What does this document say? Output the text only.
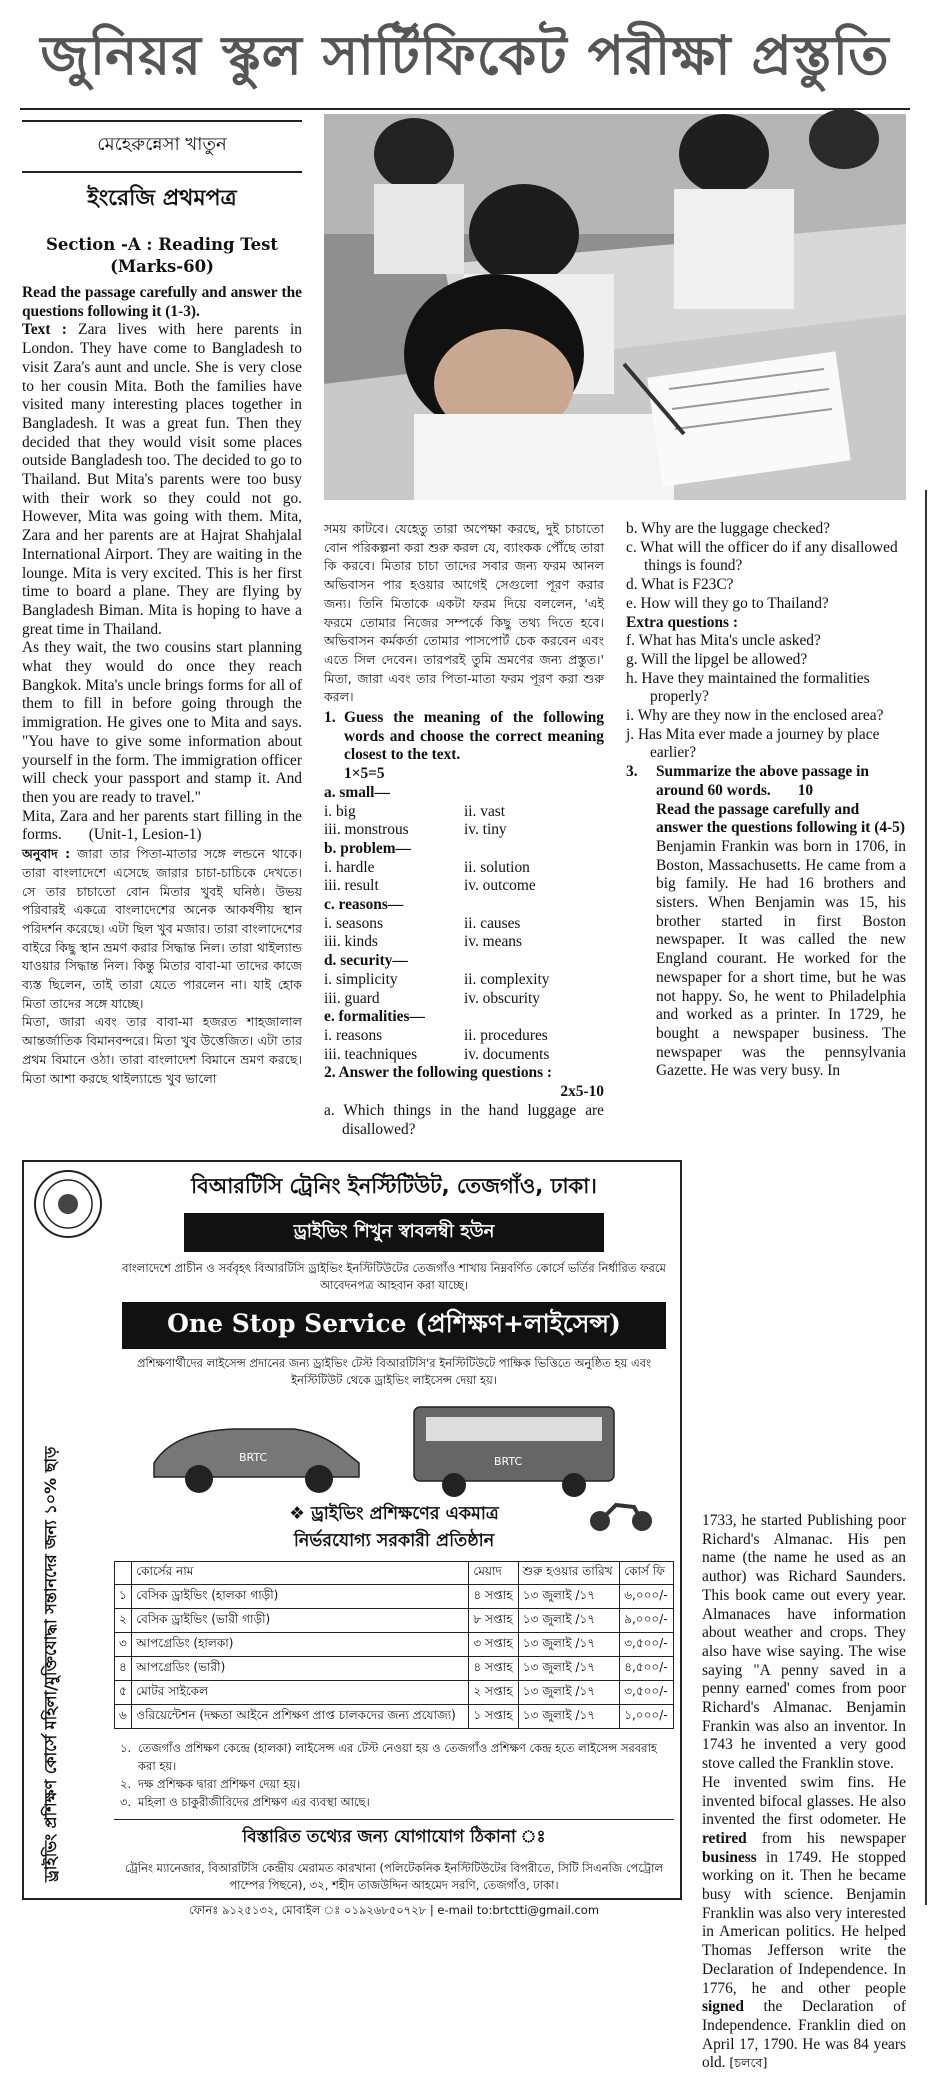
জুনিয়র স্কুল সার্টিফিকেট পরীক্ষা প্রস্তুতি
মেহেরুন্নেসা খাতুন
ইংরেজি প্রথমপত্র
Section -A : Reading Test
(Marks-60)

Read the passage carefully and answer the questions following it (1-3).

Text : Zara lives with here parents in London. They have come to Bangladesh to visit Zara's aunt and uncle. She is very close to her cousin Mita. Both the families have visited many interesting places together in Bangladesh. It was a great fun. Then they decided that they would visit some places outside Bangladesh too. The decided to go to Thailand. But Mita's parents were too busy with their work so they could not go. However, Mita was going with them. Mita, Zara and her parents are at Hajrat Shahjalal International Airport. They are waiting in the lounge. Mita is very excited. This is her first time to board a plane. They are flying by Bangladesh Biman. Mita is hoping to have a great time in Thailand.

As they wait, the two cousins start planning what they would do once they reach Bangkok. Mita's uncle brings forms for all of them to fill in before going through the immigration. He gives one to Mita and says. "You have to give some information about yourself in the form. The immigration officer will check your passport and stamp it. And then you are ready to travel."

Mita, Zara and her parents start filling in the forms. (Unit-1, Lesion-1)

অনুবাদ : জারা তার পিতা-মাতার সঙ্গে লন্ডনে থাকে। তারা বাংলাদেশে এসেছে জারার চাচা-চাচিকে দেখতে। সে তার চাচাতো বোন মিতার খুবই ঘনিষ্ঠ। উভয় পরিবারই একত্রে বাংলাদেশের অনেক আকর্ষণীয় স্থান পরিদর্শন করেছে। এটা ছিল খুব মজার। তারা বাংলাদেশের বাইরে কিছু স্থান ভ্রমণ করার সিদ্ধান্ত নিল। তারা থাইল্যান্ড যাওয়ার সিদ্ধান্ত নিল। কিন্তু মিতার বাবা-মা তাদের কাজে ব্যস্ত ছিলেন, তাই তারা যেতে পারলেন না। যাই হোক মিতা তাদের সঙ্গে যাচ্ছে।

মিতা, জারা এবং তার বাবা-মা হজরত শাহজালাল আন্তর্জাতিক বিমানবন্দরে। মিতা খুব উত্তেজিত। এটা তার প্রথম বিমানে ওঠা। তারা বাংলাদেশ বিমানে ভ্রমণ করছে। মিতা আশা করছে থাইল্যান্ডে খুব ভালো

সময় কাটবে। যেহেতু তারা অপেক্ষা করছে, দুই চাচাতো বোন পরিকল্পনা করা শুরু করল যে, ব্যাংকক পৌঁছে তারা কি করবে। মিতার চাচা তাদের সবার জন্য ফরম আনল অভিবাসন পার হওয়ার আগেই সেগুলো পূরণ করার জন্য। তিনি মিতাকে একটা ফরম দিয়ে বললেন, 'এই ফরমে তোমার নিজের সম্পর্কে কিছু তথ্য দিতে হবে। অভিবাসন কর্মকর্তা তোমার পাসপোর্ট চেক করবেন এবং এতে সিল দেবেন। তারপরই তুমি ভ্রমণের জন্য প্রস্তুত।' মিতা, জারা এবং তার পিতা-মাতা ফরম পূরণ করা শুরু করল।

1. Guess the meaning of the following words and choose the correct meaning closest to the text.
1×5=5
a. small—
i. big	ii. vast
iii. monstrous	iv. tiny
b. problem—
i. hardle	ii. solution
iii. result	iv. outcome
c. reasons—
i. seasons	ii. causes
iii. kinds	iv. means
d. security—
i. simplicity	ii. complexity
iii. guard	iv. obscurity
e. formalities—
i. reasons	ii. procedures
iii. teachniques	iv. documents
2. Answer the following questions :
2x5-10
a. Which things in the hand luggage are disallowed?
b. Why are the luggage checked?
c. What will the officer do if any disallowed things is found?
d. What is F23C?
e. How will they go to Thailand?
Extra questions :
f. What has Mita's uncle asked?
g. Will the lipgel be allowed?
h. Have they maintained the formalities properly?
i. Why are they now in the enclosed area?
j. Has Mita ever made a journey by place earlier?
3.	Summarize the above passage in around 60 words. 10
Read the passage carefully and answer the questions following it (4-5)

Benjamin Frankin was born in 1706, in Boston, Massachusetts. He came from a big family. He had 16 brothers and sisters. When Benjamin was 15, his brother started in first Boston newspaper. It was called the new England courant. He worked for the newspaper for a short time, but he was not happy. So, he went to Philadelphia and worked as a printer. In 1729, he bought a newspaper business. The newspaper was the pennsylvania Gazette. He was very busy. In

1733, he started Publishing poor Richard's Almanac. His pen name (the name he used as an author) was Richard Saunders. This book came out every year. Almanaces have information about weather and crops. They also have wise saying. The wise saying "A penny saved in a penny earned' comes from poor Richard's Almanac. Benjamin Frankin was also an inventor. In 1743 he invented a very good stove called the Franklin stove.

He invented swim fins. He invented bifocal glasses. He also invented the first odometer. He retired from his newspaper business in 1749. He stopped working on it. Then he became busy with science. Benjamin Franklin was also very interested in American politics. He helped Thomas Jefferson write the Declaration of Independence. In 1776, he and other people signed the Declaration of Independence. Franklin died on April 17, 1790. He was 84 years old. [চলবে]

ড্রাইভিং প্রশিক্ষণ কোর্সে মহিলা/মুক্তিযোদ্ধা সন্তানদের জন্য ১০% ছাড়
বিআরটিসি ট্রেনিং ইনস্টিটিউট, তেজগাঁও, ঢাকা।
ড্রাইভিং শিখুন স্বাবলম্বী হউন
বাংলাদেশে প্রাচীন ও সর্ববৃহৎ বিআরটিসি ড্রাইভিং ইনস্টিটিউটের তেজগাঁও শাখায় নিম্নবর্ণিত কোর্সে ভর্তির নির্ধারিত ফরমে আবেদনপত্র আহবান করা যাচ্ছে।
One Stop Service (প্রশিক্ষণ+লাইসেন্স)
প্রশিক্ষণার্থীদের লাইসেন্স প্রদানের জন্য ড্রাইভিং টেস্ট বিআরটিসি'র ইনস্টিটিউটে পাক্ষিক ভিত্তিতে অনুষ্ঠিত হয় এবং ইনস্টিটিউট থেকে ড্রাইভিং লাইসেন্স দেয়া হয়।
BRTC	BRTC
❖ ড্রাইভিং প্রশিক্ষণের একমাত্র
নির্ভরযোগ্য সরকারী প্রতিষ্ঠান
	কোর্সের নাম	মেয়াদ	শুরু হওয়ার তারিখ	কোর্স ফি
১	বেসিক ড্রাইভিং (হালকা গাড়ী)	৪ সপ্তাহ	১৩ জুলাই /১৭	৬,০০০/-
২	বেসিক ড্রাইভিং (ভারী গাড়ী)	৮ সপ্তাহ	১৩ জুলাই /১৭	৯,০০০/-
৩	আপগ্রেডিং (হালকা)	৩ সপ্তাহ	১৩ জুলাই /১৭	৩,৫০০/-
৪	আপগ্রেডিং (ভারী)	৪ সপ্তাহ	১৩ জুলাই /১৭	৪,৫০০/-
৫	মোটর সাইকেল	২ সপ্তাহ	১৩ জুলাই /১৭	৩,৫০০/-
৬	ওরিয়েন্টেশন (দক্ষতা আইনে প্রশিক্ষণ প্রাপ্ত চালকদের জন্য প্রযোজ্য)	১ সপ্তাহ	১৩ জুলাই /১৭	১,০০০/-
১. তেজগাঁও প্রশিক্ষণ কেন্দ্রে (হালকা) লাইসেন্স এর টেস্ট নেওয়া হয় ও তেজগাঁও প্রশিক্ষণ কেন্দ্র হতে লাইসেন্স সরবরাহ করা হয়।
২. দক্ষ প্রশিক্ষক দ্বারা প্রশিক্ষণ দেয়া হয়।
৩. মহিলা ও চাকুরীজীবিদের প্রশিক্ষণ এর ব্যবস্থা আছে।
বিস্তারিত তথ্যের জন্য যোগাযোগ ঠিকানা ঃ
ট্রেনিং ম্যানেজার, বিআরটিসি কেন্দ্রীয় মেরামত কারখানা (পলিটেকনিক ইনস্টিটিউটের বিপরীতে, সিটি সিএনজি পেট্রোল পাম্পের পিছনে), ৩২, শহীদ তাজউদ্দিন আহমেদ সরণি, তেজগাঁও, ঢাকা।
ফোনঃ ৯১২৫১৩২, মোবাইল ঃ ০১৯২৬৮৫০৭২৮ | e-mail to:brtctti@gmail.com
